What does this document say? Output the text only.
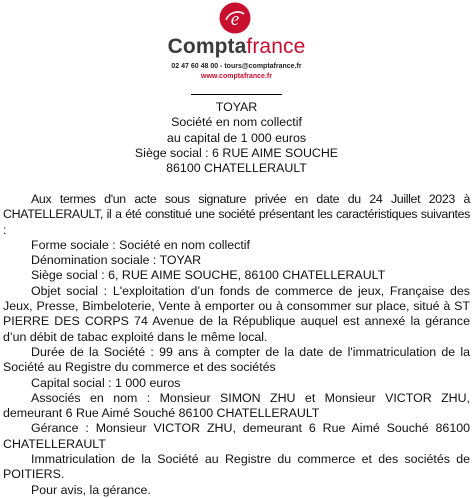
e
Comptafrance
02 47 60 48 00 - tours@comptafrance.fr
www.comptafrance.fr
TOYAR
Société en nom collectif
au capital de 1 000 euros
Siège social : 6 RUE AIME SOUCHE
86100 CHATELLERAULT

Aux termes d'un acte sous signature privée en date du 24 Juillet 2023 à CHATELLERAULT, il a été constitué une société présentant les caractéristiques suivantes :

Forme sociale : Société en nom collectif

Dénomination sociale : TOYAR

Siège social : 6, RUE AIME SOUCHE, 86100 CHATELLERAULT

Objet social : L'exploitation d’un fonds de commerce de jeux, Française des Jeux, Presse, Bimbeloterie, Vente à emporter ou à consommer sur place, situé à ST PIERRE DES CORPS 74 Avenue de la République auquel est annexé la gérance d’un débit de tabac exploité dans le même local.

Durée de la Société : 99 ans à compter de la date de l'immatriculation de la Société au Registre du commerce et des sociétés

Capital social : 1 000 euros

Associés en nom : Monsieur SIMON ZHU et Monsieur VICTOR ZHU, demeurant 6 Rue Aimé Souché 86100 CHATELLERAULT

Gérance : Monsieur VICTOR ZHU, demeurant 6 Rue Aimé Souché 86100 CHATELLERAULT

Immatriculation de la Société au Registre du commerce et des sociétés de POITIERS.

Pour avis, la gérance.
